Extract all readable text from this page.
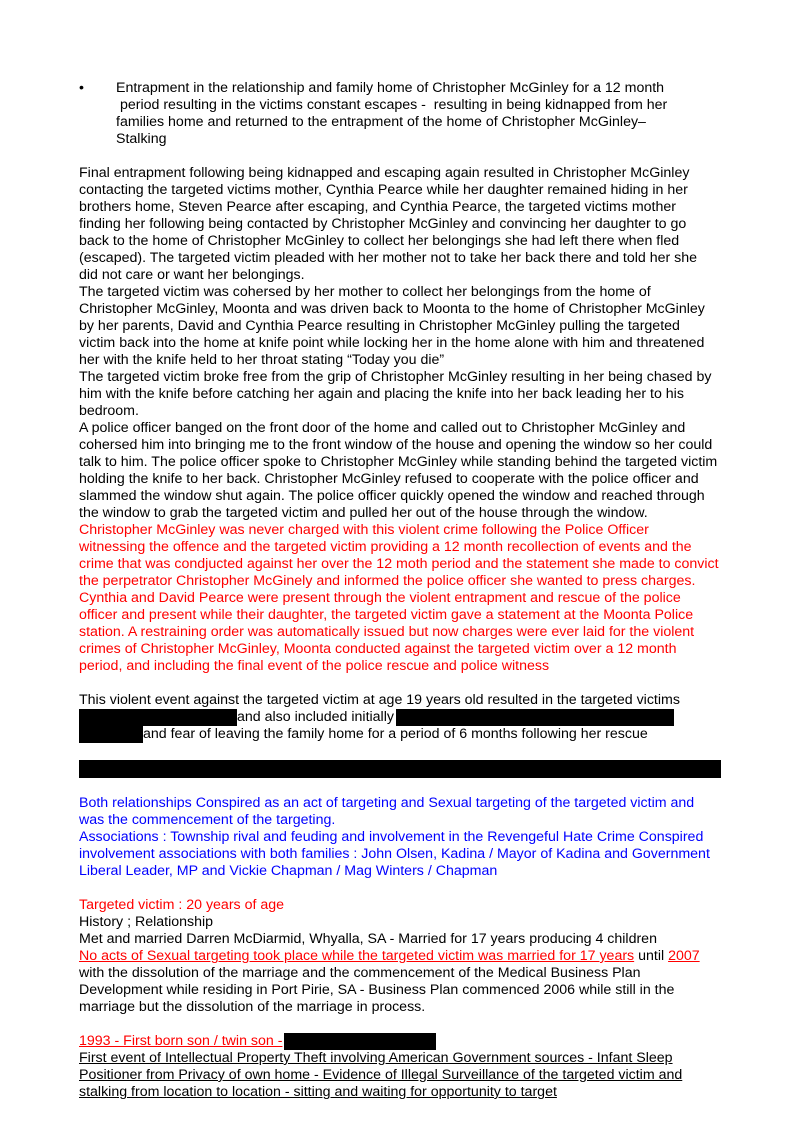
• Entrapment in the relationship and family home of Christopher McGinley for a 12 month
period resulting in the victims constant escapes -  resulting in being kidnapped from her
families home and returned to the entrapment of the home of Christopher McGinley–
Stalking

Final entrapment following being kidnapped and escaping again resulted in Christopher McGinley contacting the targeted victims mother, Cynthia Pearce while her daughter remained hiding in her brothers home, Steven Pearce after escaping, and Cynthia Pearce, the targeted victims mother finding her following being contacted by Christopher McGinley and convincing her daughter to go back to the home of Christopher McGinley to collect her belongings she had left there when fled (escaped). The targeted victim pleaded with her mother not to take her back there and told her she did not care or want her belongings.

The targeted victim was cohersed by her mother to collect her belongings from the home of Christopher McGinley, Moonta and was driven back to Moonta to the home of Christopher McGinley by her parents, David and Cynthia Pearce resulting in Christopher McGinley pulling the targeted victim back into the home at knife point while locking her in the home alone with him and threatened her with the knife held to her throat stating “Today you die”

The targeted victim broke free from the grip of Christopher McGinley resulting in her being chased by him with the knife before catching her again and placing the knife into her back leading her to his bedroom.

A police officer banged on the front door of the home and called out to Christopher McGinley and cohersed him into bringing me to the front window of the house and opening the window so her could talk to him. The police officer spoke to Christopher McGinley while standing behind the targeted victim holding the knife to her back. Christopher McGinley refused to cooperate with the police officer and slammed the window shut again. The police officer quickly opened the window and reached through the window to grab the targeted victim and pulled her out of the house through the window.

Christopher McGinley was never charged with this violent crime following the Police Officer witnessing the offence and the targeted victim providing a 12 month recollection of events and the crime that was condjucted against her over the 12 moth period and the statement she made to convict the perpetrator Christopher McGinely and informed the police officer she wanted to press charges. Cynthia and David Pearce were present through the violent entrapment and rescue of the police officer and present while their daughter, the targeted victim gave a statement at the Moonta Police station. A restraining order was automatically issued but now charges were ever laid for the violent crimes of Christopher McGinley, Moonta conducted against the targeted victim over a 12 month period, and including the final event of the police rescue and police witness

This violent event against the targeted victim at age 19 years old resulted in the targeted victims
and also included initially
and fear of leaving the family home for a period of 6 months following her rescue

Both relationships Conspired as an act of targeting and Sexual targeting of the targeted victim and was the commencement of the targeting.

Associations : Township rival and feuding and involvement in the Revengeful Hate Crime Conspired involvement associations with both families : John Olsen, Kadina / Mayor of Kadina and Government Liberal Leader, MP and Vickie Chapman / Mag Winters / Chapman

Targeted victim : 20 years of age

History ; Relationship

Met and married Darren McDiarmid, Whyalla, SA - Married for 17 years producing 4 children

No acts of Sexual targeting took place while the targeted victim was married for 17 years until 2007 with the dissolution of the marriage and the commencement of the Medical Business Plan Development while residing in Port Pirie, SA - Business Plan commenced 2006 while still in the marriage but the dissolution of the marriage in process.

1993 - First born son / twin son -

First event of Intellectual Property Theft involving American Government sources - Infant Sleep Positioner from Privacy of own home - Evidence of Illegal Surveillance of the targeted victim and stalking from location to location - sitting and waiting for opportunity to target
